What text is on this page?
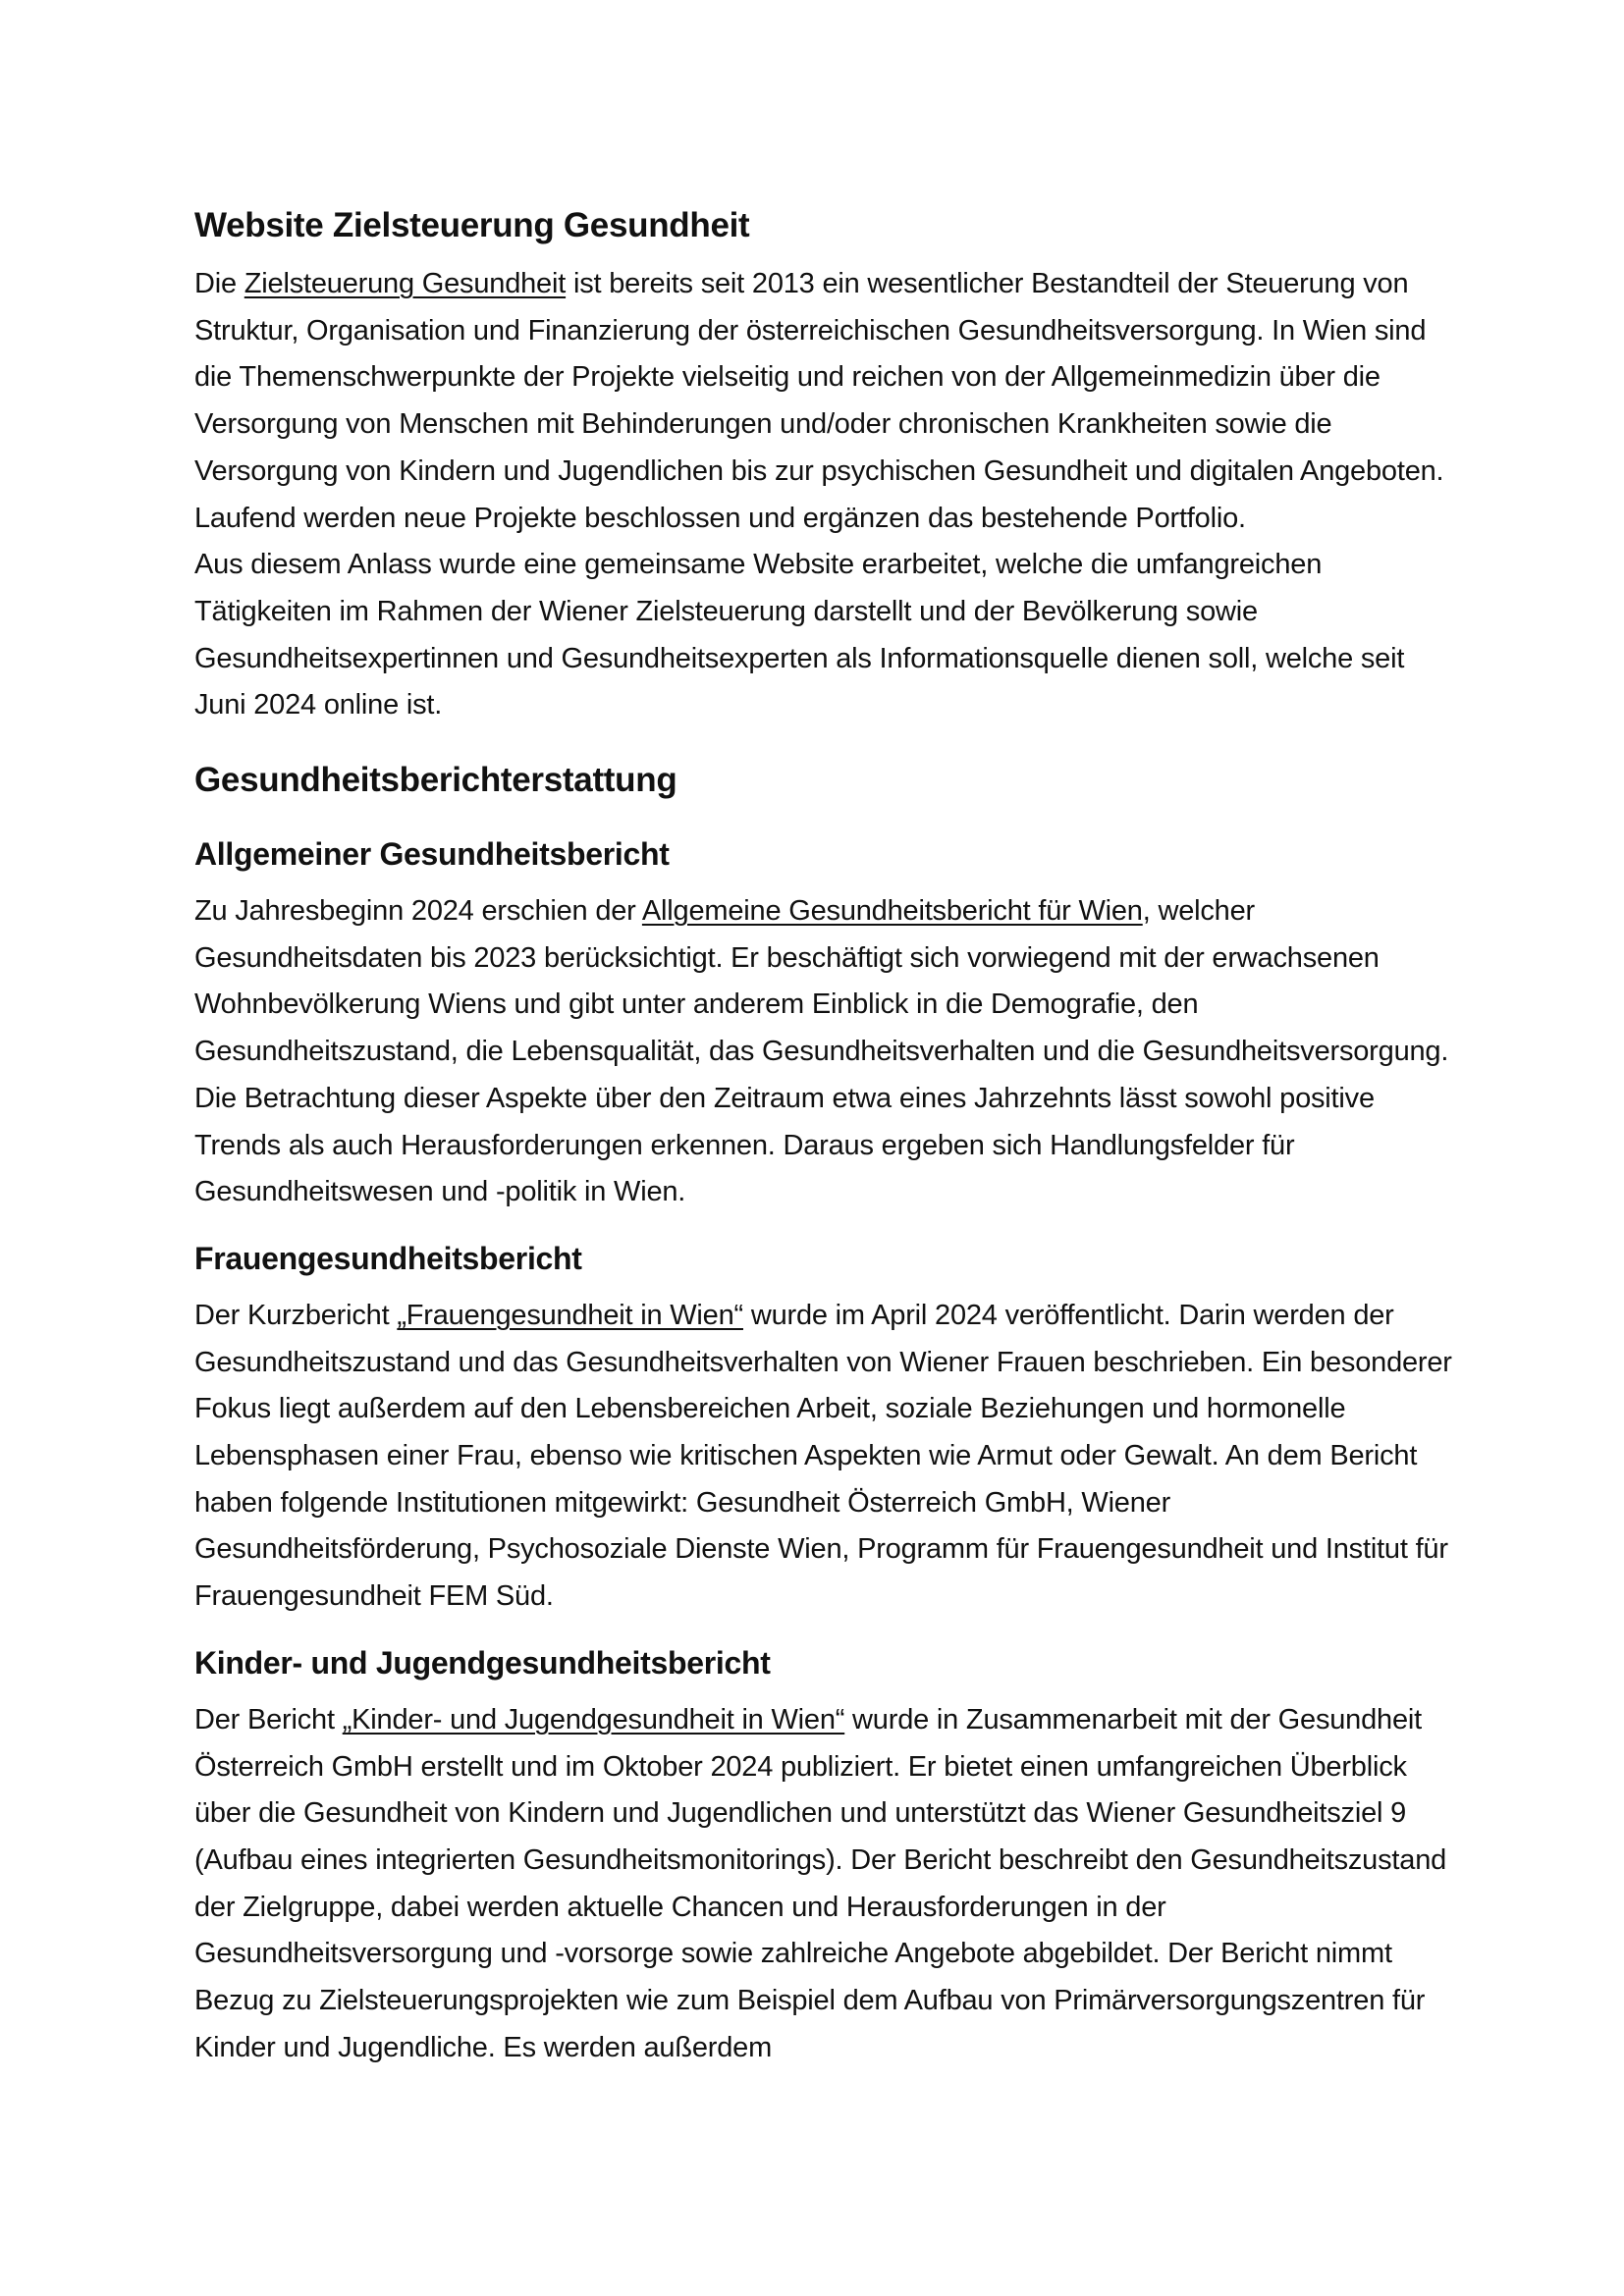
Website Zielsteuerung Gesundheit

Die Zielsteuerung Gesundheit ist bereits seit 2013 ein wesentlicher Bestandteil der Steuerung von Struktur, Organisation und Finanzierung der österreichischen Gesundheitsversorgung. In Wien sind die Themenschwerpunkte der Projekte vielseitig und reichen von der Allgemeinmedizin über die Versorgung von Menschen mit Behinderungen und/oder chronischen Krankheiten sowie die Versorgung von Kindern und Jugendlichen bis zur psychischen Gesundheit und digitalen Angeboten. Laufend werden neue Projekte beschlossen und ergänzen das bestehende Portfolio.

Aus diesem Anlass wurde eine gemeinsame Website erarbeitet, welche die umfangreichen Tätigkeiten im Rahmen der Wiener Zielsteuerung darstellt und der Bevölkerung sowie Gesundheitsexpertinnen und Gesundheitsexperten als Informationsquelle dienen soll, welche seit Juni 2024 online ist.

Gesundheitsberichterstattung
Allgemeiner Gesundheitsbericht

Zu Jahresbeginn 2024 erschien der Allgemeine Gesundheitsbericht für Wien, welcher Gesundheitsdaten bis 2023 berücksichtigt. Er beschäftigt sich vorwiegend mit der erwachsenen Wohnbevölkerung Wiens und gibt unter anderem Einblick in die Demografie, den Gesundheitszustand, die Lebensqualität, das Gesundheitsverhalten und die Gesundheitsversorgung. Die Betrachtung dieser Aspekte über den Zeitraum etwa eines Jahrzehnts lässt sowohl positive Trends als auch Herausforderungen erkennen. Daraus ergeben sich Handlungsfelder für Gesundheitswesen und -politik in Wien.

Frauengesundheitsbericht

Der Kurzbericht „Frauengesundheit in Wien“ wurde im April 2024 veröffentlicht. Darin werden der Gesundheitszustand und das Gesundheitsverhalten von Wiener Frauen beschrieben. Ein besonderer Fokus liegt außerdem auf den Lebensbereichen Arbeit, soziale Beziehungen und hormonelle Lebensphasen einer Frau, ebenso wie kritischen Aspekten wie Armut oder Gewalt. An dem Bericht haben folgende Institutionen mitgewirkt: Gesundheit Österreich GmbH, Wiener Gesundheitsförderung, Psychosoziale Dienste Wien, Programm für Frauengesundheit und Institut für Frauengesundheit FEM Süd.

Kinder- und Jugendgesundheitsbericht

Der Bericht „Kinder- und Jugendgesundheit in Wien“ wurde in Zusammenarbeit mit der Gesundheit Österreich GmbH erstellt und im Oktober 2024 publiziert. Er bietet einen umfangreichen Überblick über die Gesundheit von Kindern und Jugendlichen und unterstützt das Wiener Gesundheitsziel 9 (Aufbau eines integrierten Gesundheitsmonitorings). Der Bericht beschreibt den Gesundheitszustand der Zielgruppe, dabei werden aktuelle Chancen und Herausforderungen in der Gesundheitsversorgung und -vorsorge sowie zahlreiche Angebote abgebildet. Der Bericht nimmt Bezug zu Zielsteuerungsprojekten wie zum Beispiel dem Aufbau von Primärversorgungszentren für Kinder und Jugendliche. Es werden außerdem
